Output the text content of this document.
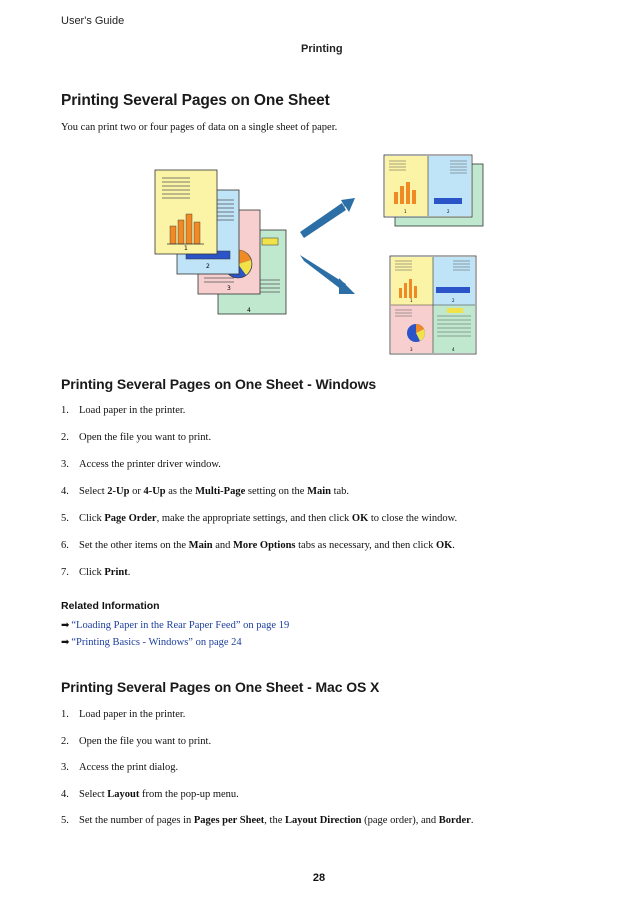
User's Guide
Printing
Printing Several Pages on One Sheet
You can print two or four pages of data on a single sheet of paper.
4
3
2
1
1	2
1	2
3	4
Printing Several Pages on One Sheet - Windows
1. Load paper in the printer.
2. Open the file you want to print.
3. Access the printer driver window.
4. Select 2-Up or 4-Up as the Multi-Page setting on the Main tab.
5. Click Page Order, make the appropriate settings, and then click OK to close the window.
6. Set the other items on the Main and More Options tabs as necessary, and then click OK.
7. Click Print.
Related Information
➡ “Loading Paper in the Rear Paper Feed” on page 19
➡ “Printing Basics - Windows” on page 24
Printing Several Pages on One Sheet - Mac OS X
1. Load paper in the printer.
2. Open the file you want to print.
3. Access the print dialog.
4. Select Layout from the pop-up menu.
5. Set the number of pages in Pages per Sheet, the Layout Direction (page order), and Border.
28
